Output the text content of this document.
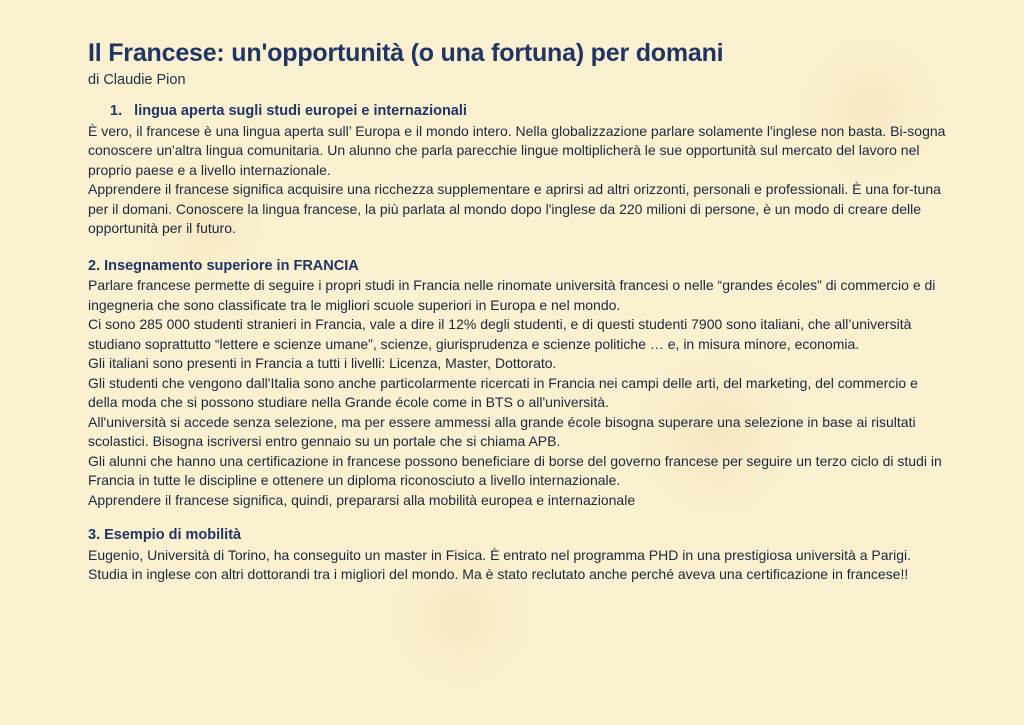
Il Francese: un'opportunità (o una fortuna) per domani

di Claudie Pion

1.   lingua aperta sugli studi europei e internazionali

È vero, il francese è una lingua aperta sull’ Europa e il mondo intero. Nella globalizzazione parlare solamente l'inglese non basta. Bi-sogna conoscere un'altra lingua comunitaria. Un alunno che parla parecchie lingue moltiplicherà le sue opportunità sul mercato del lavoro nel proprio paese e a livello internazionale.

Apprendere il francese significa acquisire una ricchezza supplementare e aprirsi ad altri orizzonti, personali e professionali. È una for-tuna per il domani. Conoscere la lingua francese, la più parlata al mondo dopo l'inglese da 220 milioni di persone, è un modo di creare delle opportunità per il futuro.

2. Insegnamento superiore in FRANCIA

Parlare francese permette di seguire i propri studi in Francia nelle rinomate università francesi o nelle “grandes écoles” di commercio e di ingegneria che sono classificate tra le migliori scuole superiori in Europa e nel mondo.

Ci sono 285 000 studenti stranieri in Francia, vale a dire il 12% degli studenti, e di questi studenti 7900 sono italiani, che all’università studiano soprattutto “lettere e scienze umane”, scienze, giurisprudenza e scienze politiche … e, in misura minore, economia.

Gli italiani sono presenti in Francia a tutti i livelli: Licenza, Master, Dottorato.

Gli studenti che vengono dall'Italia sono anche particolarmente ricercati in Francia nei campi delle arti, del marketing, del commercio e della moda che si possono studiare nella Grande école come in BTS o all'università.

All'università si accede senza selezione, ma per essere ammessi alla grande école bisogna superare una selezione in base ai risultati scolastici. Bisogna iscriversi entro gennaio su un portale che si chiama APB.

Gli alunni che hanno una certificazione in francese possono beneficiare di borse del governo francese per seguire un terzo ciclo di studi in Francia in tutte le discipline e ottenere un diploma riconosciuto a livello internazionale.

Apprendere il francese significa, quindi, prepararsi alla mobilità europea e internazionale

3. Esempio di mobilità

Eugenio, Università di Torino, ha conseguito un master in Fisica. È entrato nel programma PHD in una prestigiosa università a Parigi.

Studia in inglese con altri dottorandi tra i migliori del mondo. Ma è stato reclutato anche perché aveva una certificazione in francese!!
